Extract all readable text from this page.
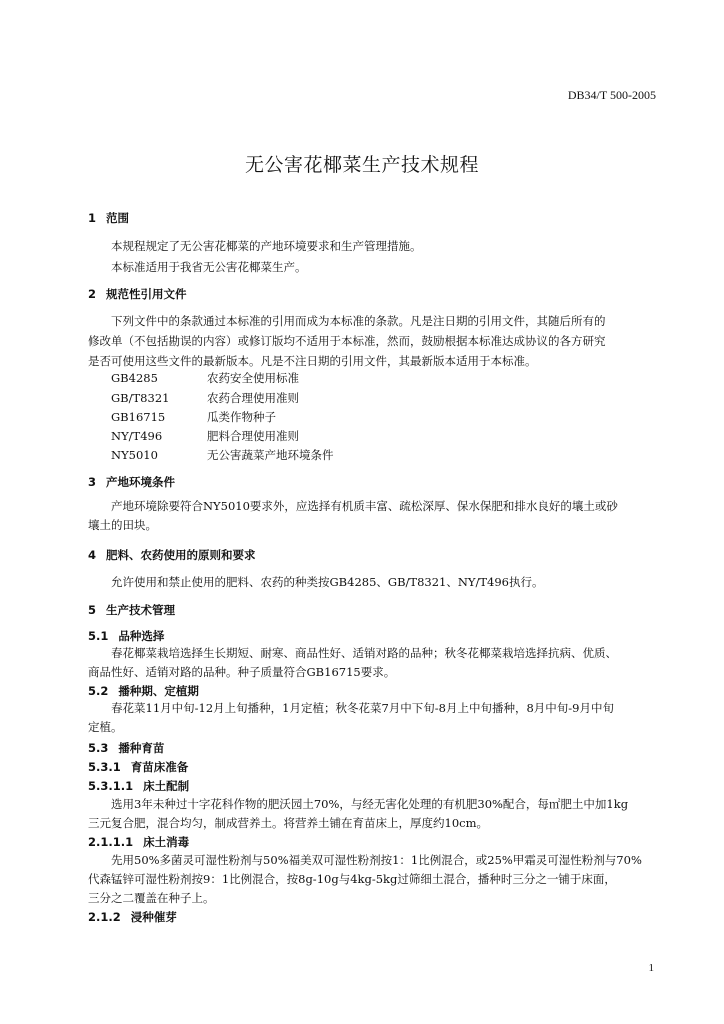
DB34/T 500-2005
无公害花椰菜生产技术规程
1 范围
本规程规定了无公害花椰菜的产地环境要求和生产管理措施。
本标准适用于我省无公害花椰菜生产。
2 规范性引用文件
下列文件中的条款通过本标准的引用而成为本标准的条款。凡是注日期的引用文件，其随后所有的
修改单（不包括勘误的内容）或修订版均不适用于本标准，然而，鼓励根据本标准达成协议的各方研究
是否可使用这些文件的最新版本。凡是不注日期的引用文件，其最新版本适用于本标准。
GB4285	农药安全使用标准
GB/T8321	农药合理使用准则
GB16715	瓜类作物种子
NY/T496	肥料合理使用准则
NY5010	无公害蔬菜产地环境条件
3 产地环境条件
产地环境除要符合NY5010要求外，应选择有机质丰富、疏松深厚、保水保肥和排水良好的壤土或砂
壤土的田块。
4 肥料、农药使用的原则和要求
允许使用和禁止使用的肥料、农药的种类按GB4285、GB/T8321、NY/T496执行。
5 生产技术管理
5.1 品种选择
春花椰菜栽培选择生长期短、耐寒、商品性好、适销对路的品种；秋冬花椰菜栽培选择抗病、优质、
商品性好、适销对路的品种。种子质量符合GB16715要求。
5.2 播种期、定植期
春花菜11月中旬-12月上旬播种，1月定植；秋冬花菜7月中下旬-8月上中旬播种，8月中旬-9月中旬
定植。
5.3 播种育苗
5.3.1 育苗床准备
5.3.1.1 床土配制
选用3年未种过十字花科作物的肥沃园土70%，与经无害化处理的有机肥30%配合，每㎡肥土中加1kg
三元复合肥，混合均匀，制成营养土。将营养土铺在育苗床上，厚度约10cm。
2.1.1.1 床土消毒
先用50%多菌灵可湿性粉剂与50%福美双可湿性粉剂按1：1比例混合，或25%甲霜灵可湿性粉剂与70%
代森锰锌可湿性粉剂按9：1比例混合，按8g-10g与4kg-5kg过筛细土混合，播种时三分之一铺于床面，
三分之二覆盖在种子上。
2.1.2 浸种催芽
1
